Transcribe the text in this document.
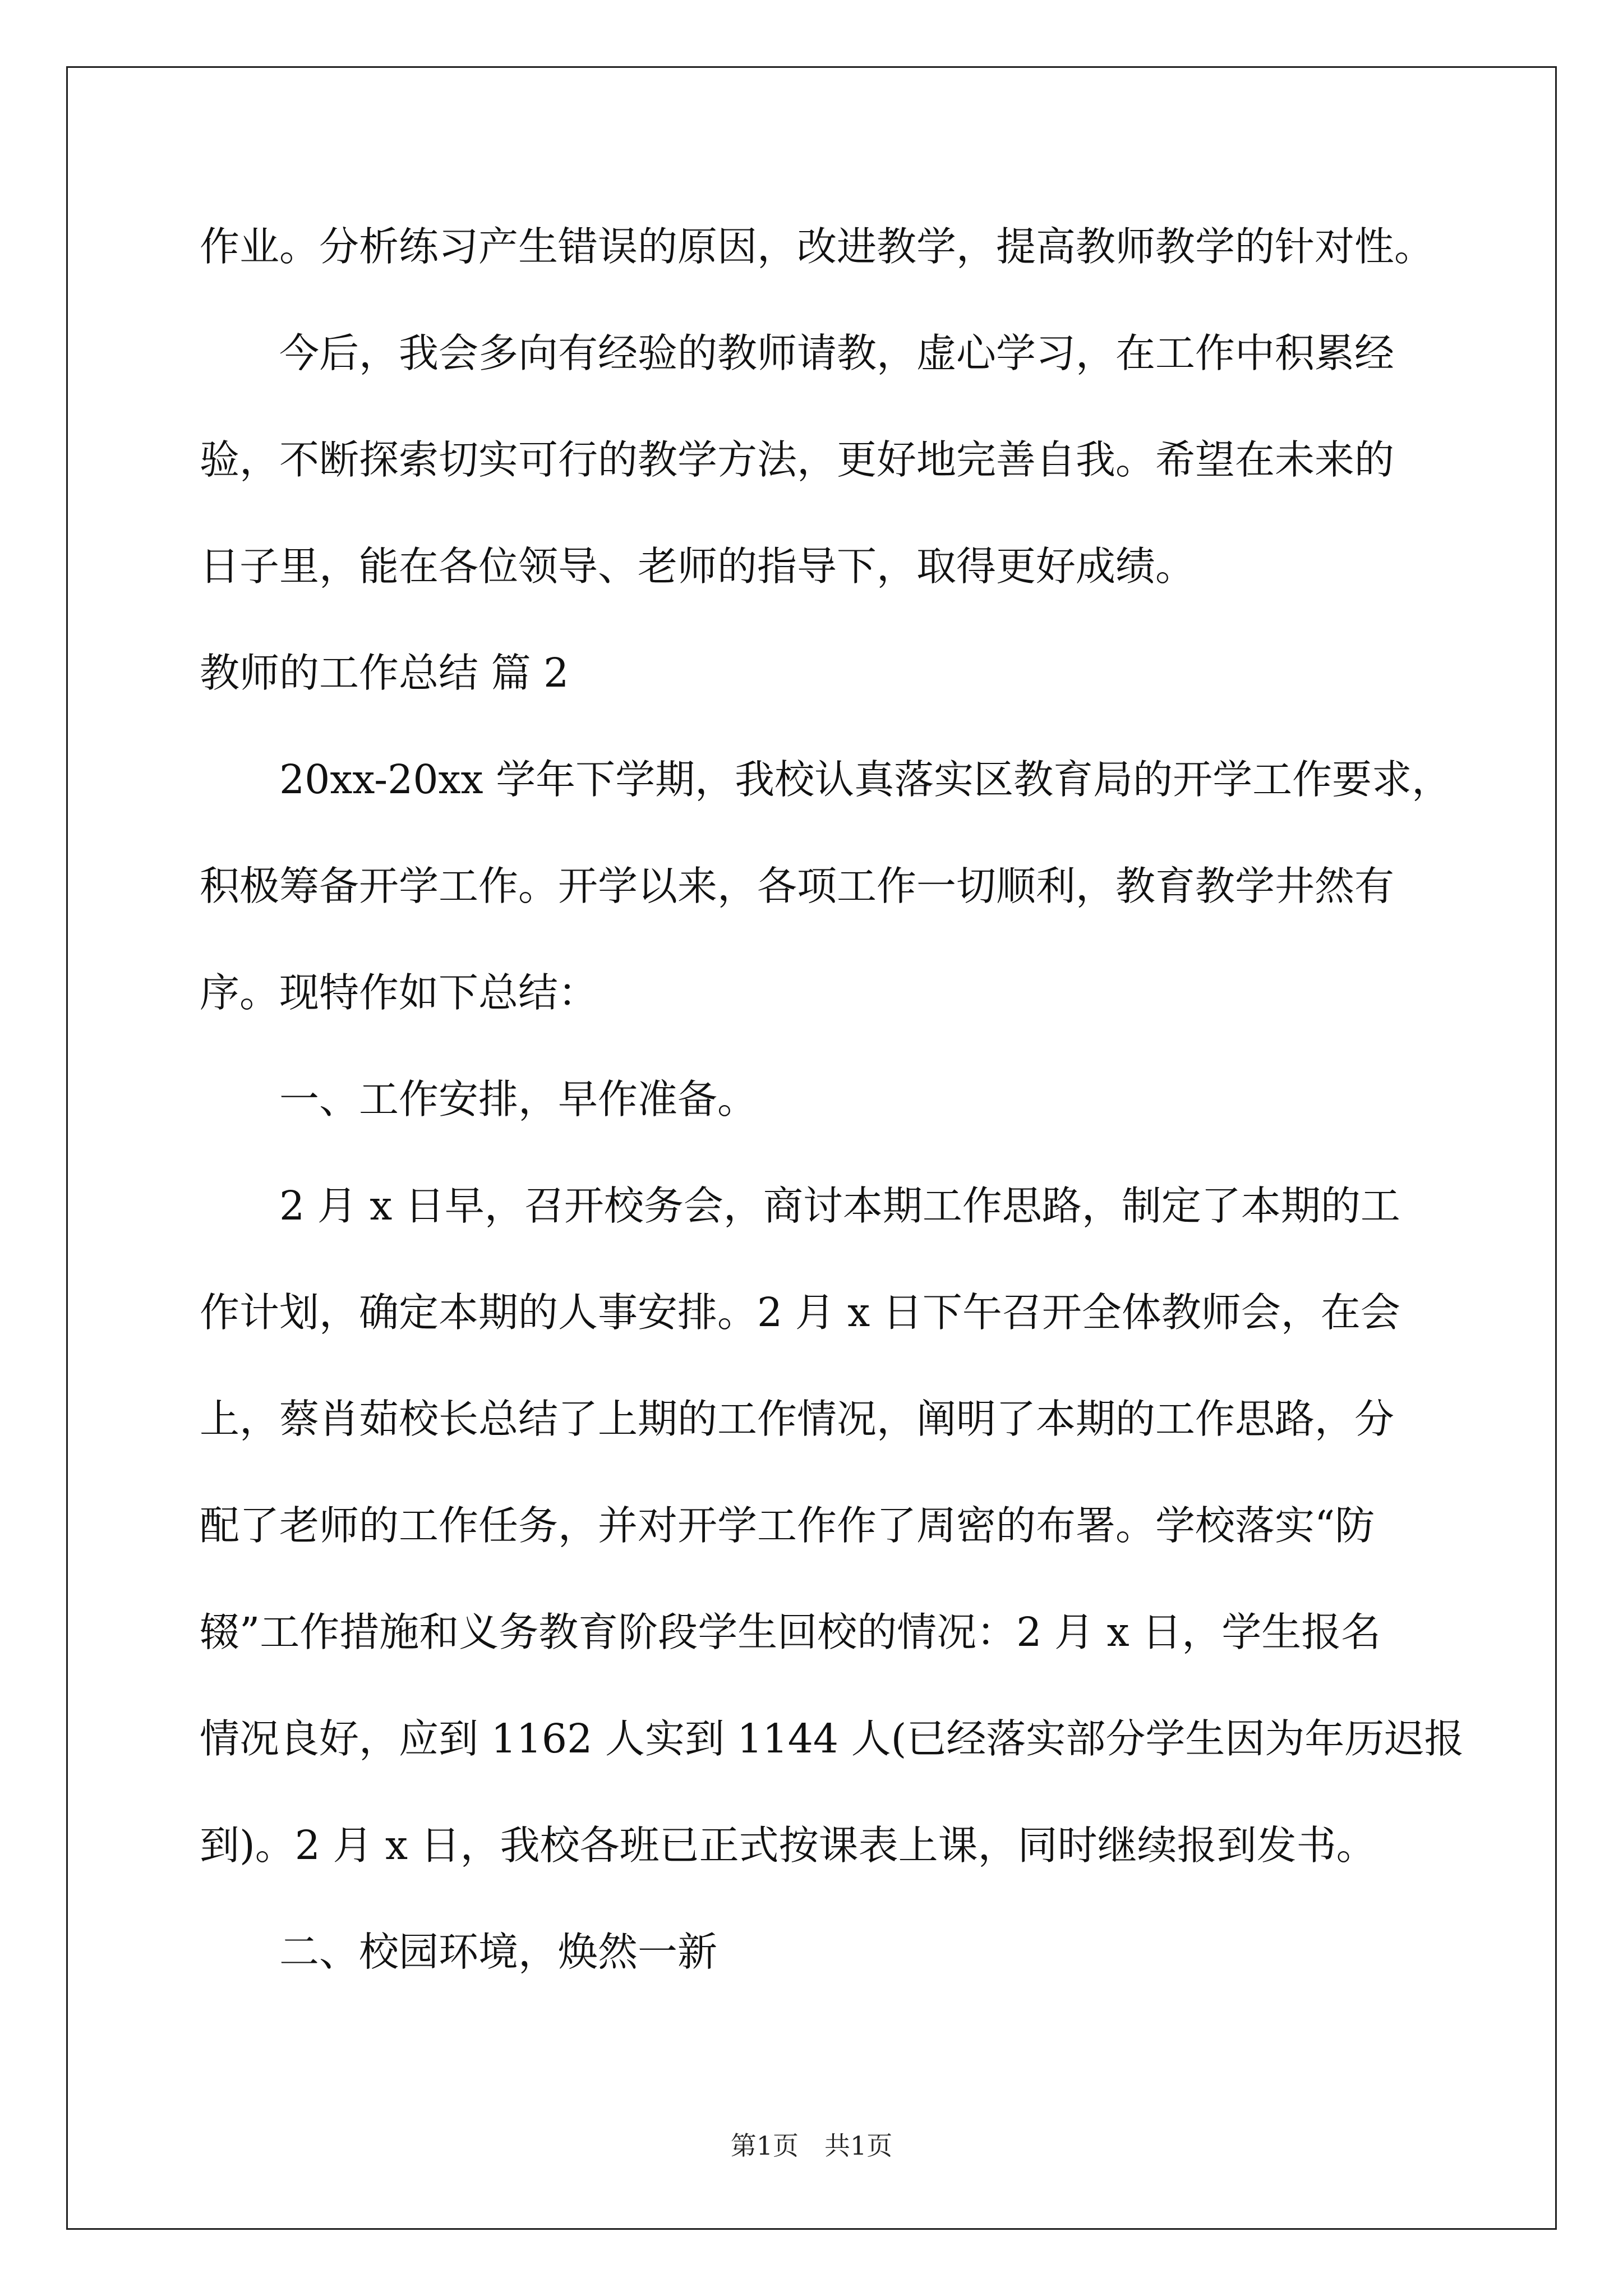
作业。分析练习产生错误的原因，改进教学，提高教师教学的针对性。
今后，我会多向有经验的教师请教，虚心学习，在工作中积累经
验，不断探索切实可行的教学方法，更好地完善自我。希望在未来的
日子里，能在各位领导、老师的指导下，取得更好成绩。
教师的工作总结 篇 2
20xx-20xx 学年下学期，我校认真落实区教育局的开学工作要求，
积极筹备开学工作。开学以来，各项工作一切顺利，教育教学井然有
序。现特作如下总结：
一、工作安排，早作准备。
2 月 x 日早，召开校务会，商讨本期工作思路，制定了本期的工
作计划，确定本期的人事安排。2 月 x 日下午召开全体教师会，在会
上，蔡肖茹校长总结了上期的工作情况，阐明了本期的工作思路，分
配了老师的工作任务，并对开学工作作了周密的布署。学校落实“防
辍”工作措施和义务教育阶段学生回校的情况：2 月 x 日，学生报名
情况良好，应到 1162 人实到 1144 人(已经落实部分学生因为年历迟报
到)。2 月 x 日，我校各班已正式按课表上课，同时继续报到发书。
二、校园环境，焕然一新
第1页　共1页
